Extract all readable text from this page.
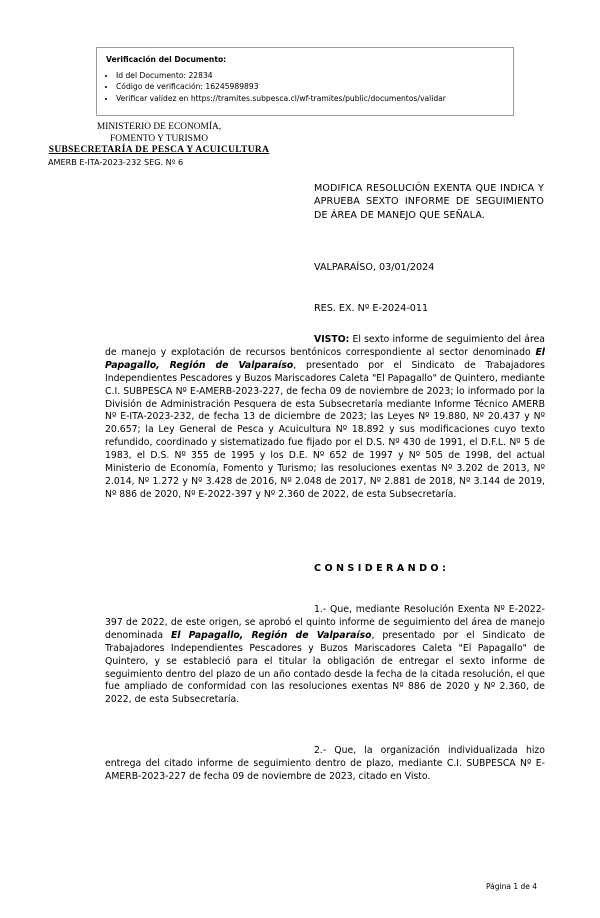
Verificación del Documento:
• Id del Documento: 22834
• Código de verificación: 16245989893
• Verificar validez en https://tramites.subpesca.cl/wf-tramites/public/documentos/validar
MINISTERIO DE ECONOMÍA,
FOMENTO Y TURISMO
SUBSECRETARÍA DE PESCA Y ACUICULTURA
AMERB E-ITA-2023-232 SEG. Nº 6
MODIFICA RESOLUCIÓN EXENTA QUE INDICA Y APRUEBA SEXTO INFORME DE SEGUIMIENTO DE ÁREA DE MANEJO QUE SEÑALA.
VALPARAÍSO, 03/01/2024
RES. EX. Nº E-2024-011
VISTO: El sexto informe de seguimiento del área de manejo y explotación de recursos bentónicos correspondiente al sector denominado El Papagallo, Región de Valparaíso, presentado por el Sindicato de Trabajadores Independientes Pescadores y Buzos Mariscadores Caleta "El Papagallo" de Quintero, mediante C.I. SUBPESCA Nº E-AMERB-2023-227, de fecha 09 de noviembre de 2023; lo informado por la División de Administración Pesquera de esta Subsecretaría mediante Informe Técnico AMERB Nº E-ITA-2023-232, de fecha 13 de diciembre de 2023; las Leyes Nº 19.880, Nº 20.437 y Nº 20.657; la Ley General de Pesca y Acuicultura Nº 18.892 y sus modificaciones cuyo texto refundido, coordinado y sistematizado fue fijado por el D.S. Nº 430 de 1991, el D.F.L. Nº 5 de 1983, el D.S. Nº 355 de 1995 y los D.E. Nº 652 de 1997 y Nº 505 de 1998, del actual Ministerio de Economía, Fomento y Turismo; las resoluciones exentas Nº 3.202 de 2013, Nº 2.014, Nº 1.272 y Nº 3.428 de 2016, Nº 2.048 de 2017, Nº 2.881 de 2018, Nº 3.144 de 2019, Nº 886 de 2020, Nº E-2022-397 y Nº 2.360 de 2022, de esta Subsecretaría.
CONSIDERANDO:
1.- Que, mediante Resolución Exenta Nº E-2022-397 de 2022, de este origen, se aprobó el quinto informe de seguimiento del área de manejo denominada El Papagallo, Región de Valparaíso, presentado por el Sindicato de Trabajadores Independientes Pescadores y Buzos Mariscadores Caleta "El Papagallo" de Quintero, y se estableció para el titular la obligación de entregar el sexto informe de seguimiento dentro del plazo de un año contado desde la fecha de la citada resolución, el que fue ampliado de conformidad con las resoluciones exentas Nº 886 de 2020 y Nº 2.360, de 2022, de esta Subsecretaría.
2.- Que, la organización individualizada hizo entrega del citado informe de seguimiento dentro de plazo, mediante C.I. SUBPESCA Nº E-AMERB-2023-227 de fecha 09 de noviembre de 2023, citado en Visto.
Página 1 de 4
